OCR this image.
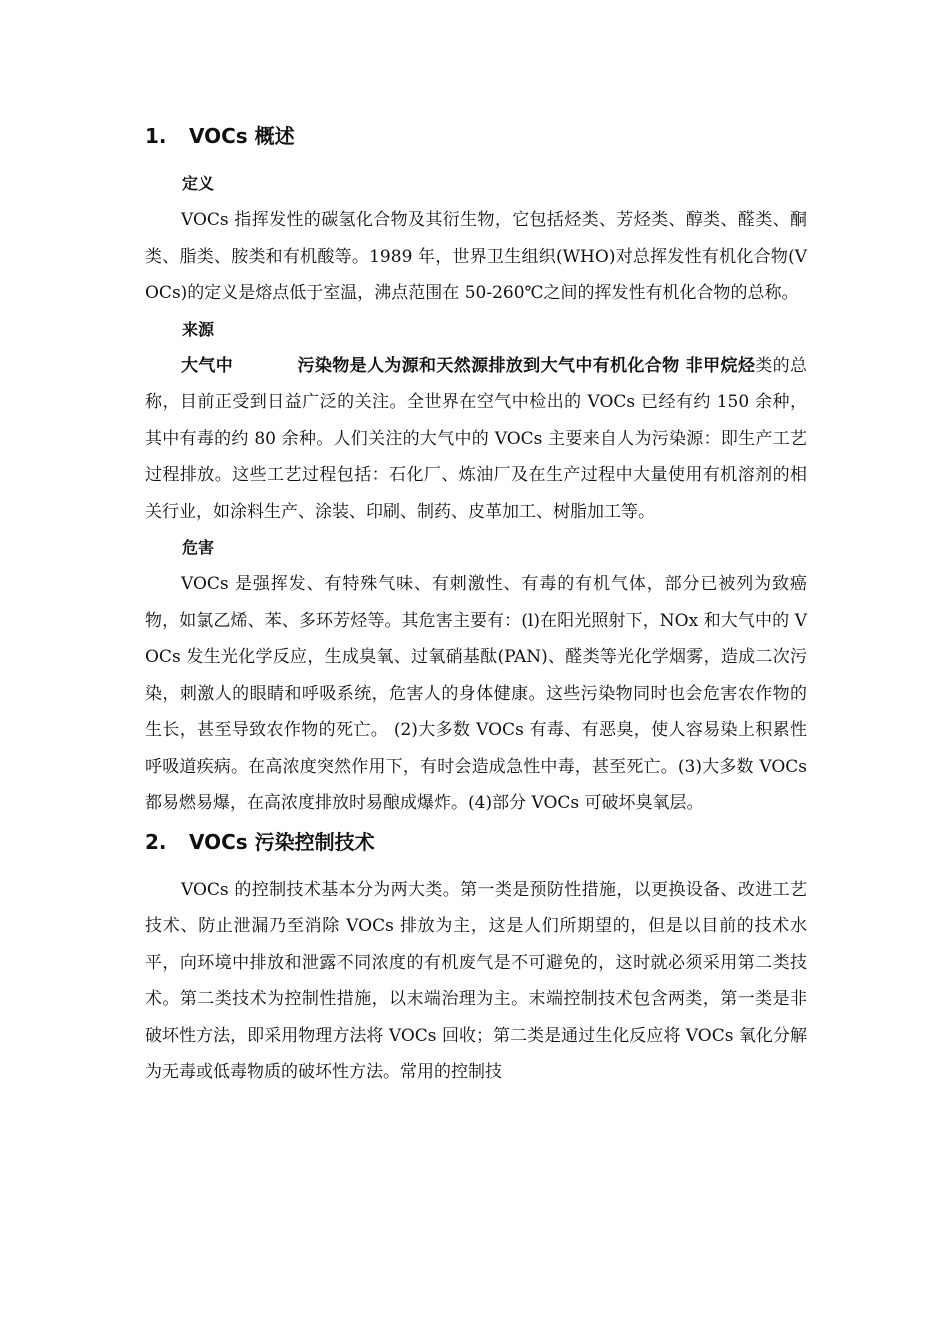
1. VOCs 概述
定义

VOCs 指挥发性的碳氢化合物及其衍生物，它包括烃类、芳烃类、醇类、醛类、酮类、脂类、胺类和有机酸等。1989 年，世界卫生组织(WHO)对总挥发性有机化合物(VOCs)的定义是熔点低于室温，沸点范围在 50-260℃之间的挥发性有机化合物的总称。

来源

大气中	污染物是人为源和天然源排放到大气中有机化合物 非甲烷烃类的总称，目前正受到日益广泛的关注。全世界在空气中检出的 VOCs 已经有约 150 余种，其中有毒的约 80 余种。人们关注的大气中的 VOCs 主要来自人为污染源：即生产工艺过程排放。这些工艺过程包括：石化厂、炼油厂及在生产过程中大量使用有机溶剂的相关行业，如涂料生产、涂装、印刷、制药、皮革加工、树脂加工等。

危害

VOCs 是强挥发、有特殊气味、有刺激性、有毒的有机气体，部分已被列为致癌物，如氯乙烯、苯、多环芳烃等。其危害主要有：(l)在阳光照射下，NOx 和大气中的 VOCs 发生光化学反应，生成臭氧、过氧硝基酞(PAN)、醛类等光化学烟雾，造成二次污染，刺激人的眼睛和呼吸系统，危害人的身体健康。这些污染物同时也会危害农作物的生长，甚至导致农作物的死亡。 (2)大多数 VOCs 有毒、有恶臭，使人容易染上积累性呼吸道疾病。在高浓度突然作用下，有时会造成急性中毒，甚至死亡。(3)大多数 VOCs 都易燃易爆，在高浓度排放时易酿成爆炸。(4)部分 VOCs 可破坏臭氧层。

2. VOCs 污染控制技术

VOCs 的控制技术基本分为两大类。第一类是预防性措施，以更换设备、改进工艺技术、防止泄漏乃至消除 VOCs 排放为主，这是人们所期望的，但是以目前的技术水平，向环境中排放和泄露不同浓度的有机废气是不可避免的，这时就必须采用第二类技术。第二类技术为控制性措施，以末端治理为主。末端控制技术包含两类，第一类是非破坏性方法，即采用物理方法将 VOCs 回收；第二类是通过生化反应将 VOCs 氧化分解为无毒或低毒物质的破坏性方法。常用的控制技
